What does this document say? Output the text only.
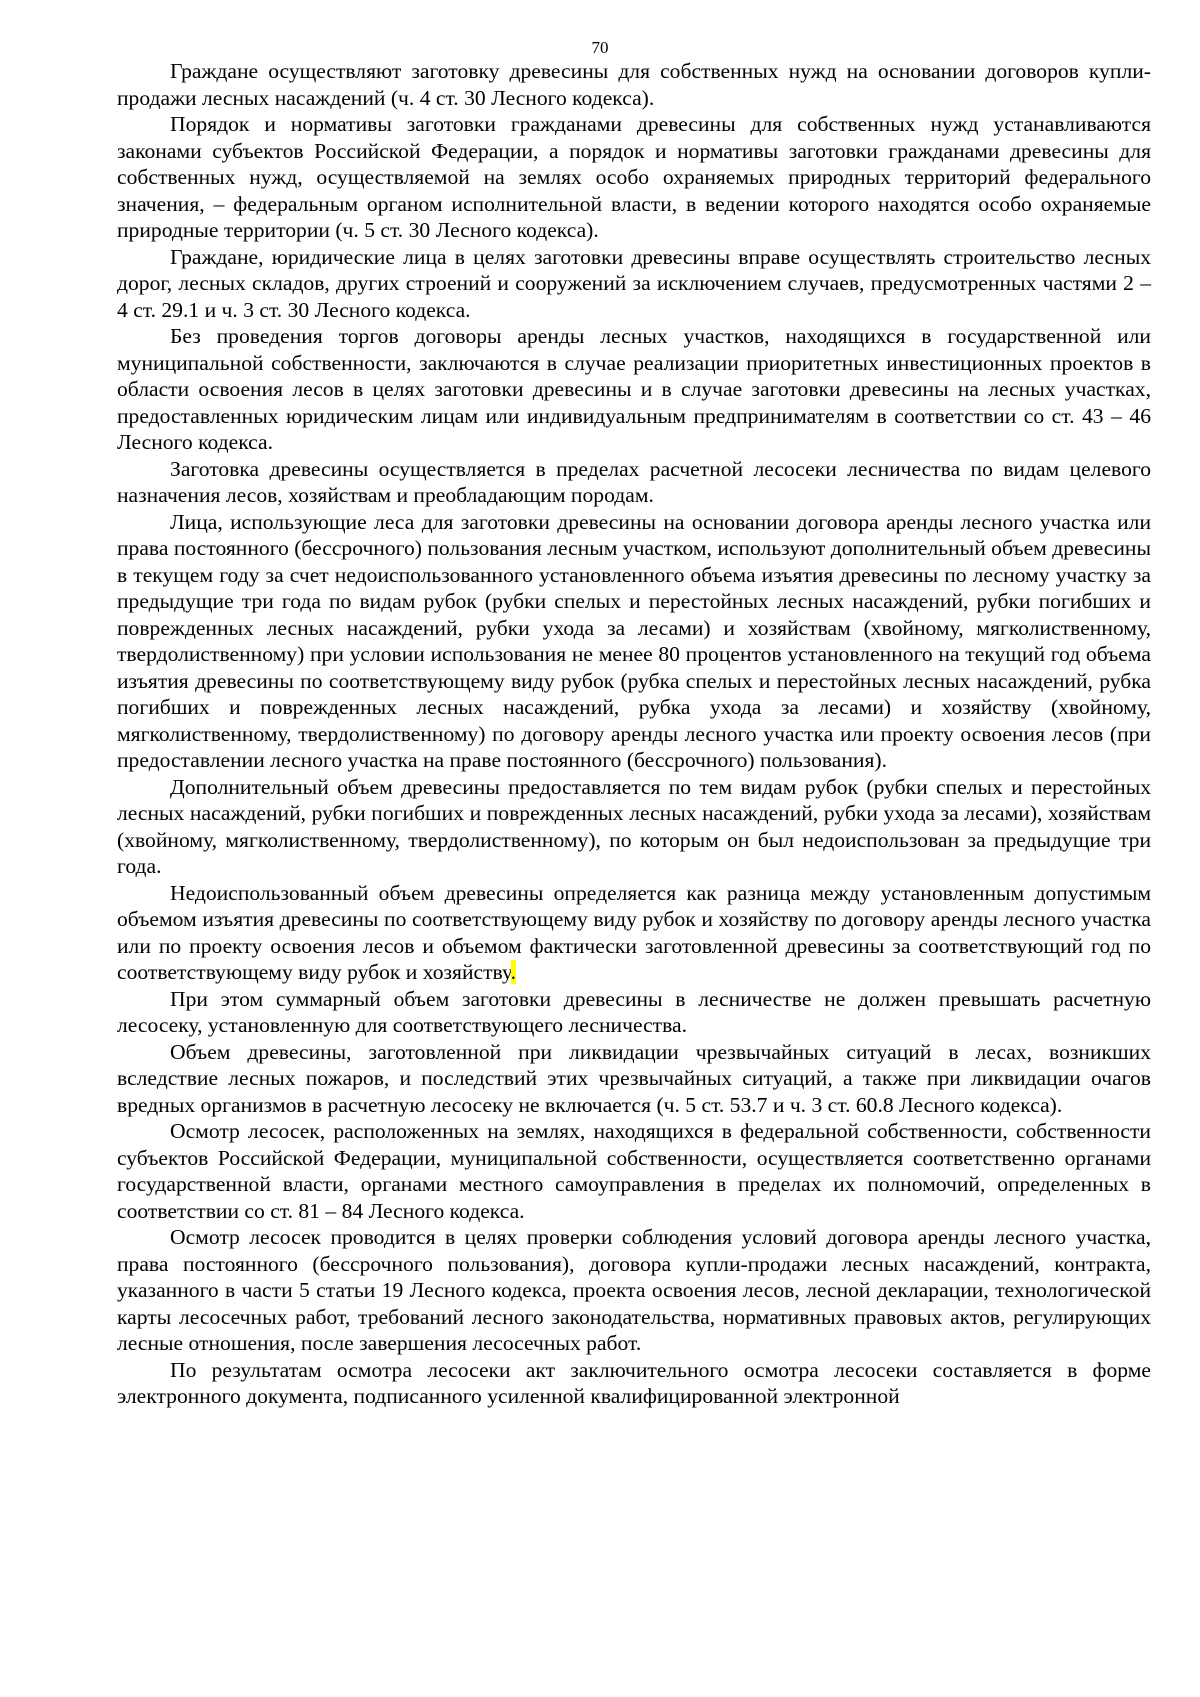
70

Граждане осуществляют заготовку древесины для собственных нужд на основании договоров купли-продажи лесных насаждений (ч. 4 ст. 30 Лесного кодекса).

Порядок и нормативы заготовки гражданами древесины для собственных нужд устанавливаются законами субъектов Российской Федерации, а порядок и нормативы заготовки гражданами древесины для собственных нужд, осуществляемой на землях особо охраняемых природных территорий федерального значения, – федеральным органом исполнительной власти, в ведении которого находятся особо охраняемые природные территории (ч. 5 ст. 30 Лесного кодекса).

Граждане, юридические лица в целях заготовки древесины вправе осуществлять строительство лесных дорог, лесных складов, других строений и сооружений за исключением случаев, предусмотренных частями 2 – 4 ст. 29.1 и ч. 3 ст. 30 Лесного кодекса.

Без проведения торгов договоры аренды лесных участков, находящихся в государственной или муниципальной собственности, заключаются в случае реализации приоритетных инвестиционных проектов в области освоения лесов в целях заготовки древесины и в случае заготовки древесины на лесных участках, предоставленных юридическим лицам или индивидуальным предпринимателям в соответствии со ст. 43 – 46 Лесного кодекса.

Заготовка древесины осуществляется в пределах расчетной лесосеки лесничества по видам целевого назначения лесов, хозяйствам и преобладающим породам.

Лица, использующие леса для заготовки древесины на основании договора аренды лесного участка или права постоянного (бессрочного) пользования лесным участком, используют дополнительный объем древесины в текущем году за счет недоиспользованного установленного объема изъятия древесины по лесному участку за предыдущие три года по видам рубок (рубки спелых и перестойных лесных насаждений, рубки погибших и поврежденных лесных насаждений, рубки ухода за лесами) и хозяйствам (хвойному, мягколиственному, твердолиственному) при условии использования не менее 80 процентов установленного на текущий год объема изъятия древесины по соответствующему виду рубок (рубка спелых и перестойных лесных насаждений, рубка погибших и поврежденных лесных насаждений, рубка ухода за лесами) и хозяйству (хвойному, мягколиственному, твердолиственному) по договору аренды лесного участка или проекту освоения лесов (при предоставлении лесного участка на праве постоянного (бессрочного) пользования).

Дополнительный объем древесины предоставляется по тем видам рубок (рубки спелых и перестойных лесных насаждений, рубки погибших и поврежденных лесных насаждений, рубки ухода за лесами), хозяйствам (хвойному, мягколиственному, твердолиственному), по которым он был недоиспользован за предыдущие три года.

Недоиспользованный объем древесины определяется как разница между установленным допустимым объемом изъятия древесины по соответствующему виду рубок и хозяйству по договору аренды лесного участка или по проекту освоения лесов и объемом фактически заготовленной древесины за соответствующий год по соответствующему виду рубок и хозяйству.

При этом суммарный объем заготовки древесины в лесничестве не должен превышать расчетную лесосеку, установленную для соответствующего лесничества.

Объем древесины, заготовленной при ликвидации чрезвычайных ситуаций в лесах, возникших вследствие лесных пожаров, и последствий этих чрезвычайных ситуаций, а также при ликвидации очагов вредных организмов в расчетную лесосеку не включается (ч. 5 ст. 53.7 и ч. 3 ст. 60.8 Лесного кодекса).

Осмотр лесосек, расположенных на землях, находящихся в федеральной собственности, собственности субъектов Российской Федерации, муниципальной собственности, осуществляется соответственно органами государственной власти, органами местного самоуправления в пределах их полномочий, определенных в соответствии со ст. 81 – 84 Лесного кодекса.

Осмотр лесосек проводится в целях проверки соблюдения условий договора аренды лесного участка, права постоянного (бессрочного пользования), договора купли-продажи лесных насаждений, контракта, указанного в части 5 статьи 19 Лесного кодекса, проекта освоения лесов, лесной декларации, технологической карты лесосечных работ, требований лесного законодательства, нормативных правовых актов, регулирующих лесные отношения, после завершения лесосечных работ.

По результатам осмотра лесосеки акт заключительного осмотра лесосеки составляется в форме электронного документа, подписанного усиленной квалифицированной электронной
